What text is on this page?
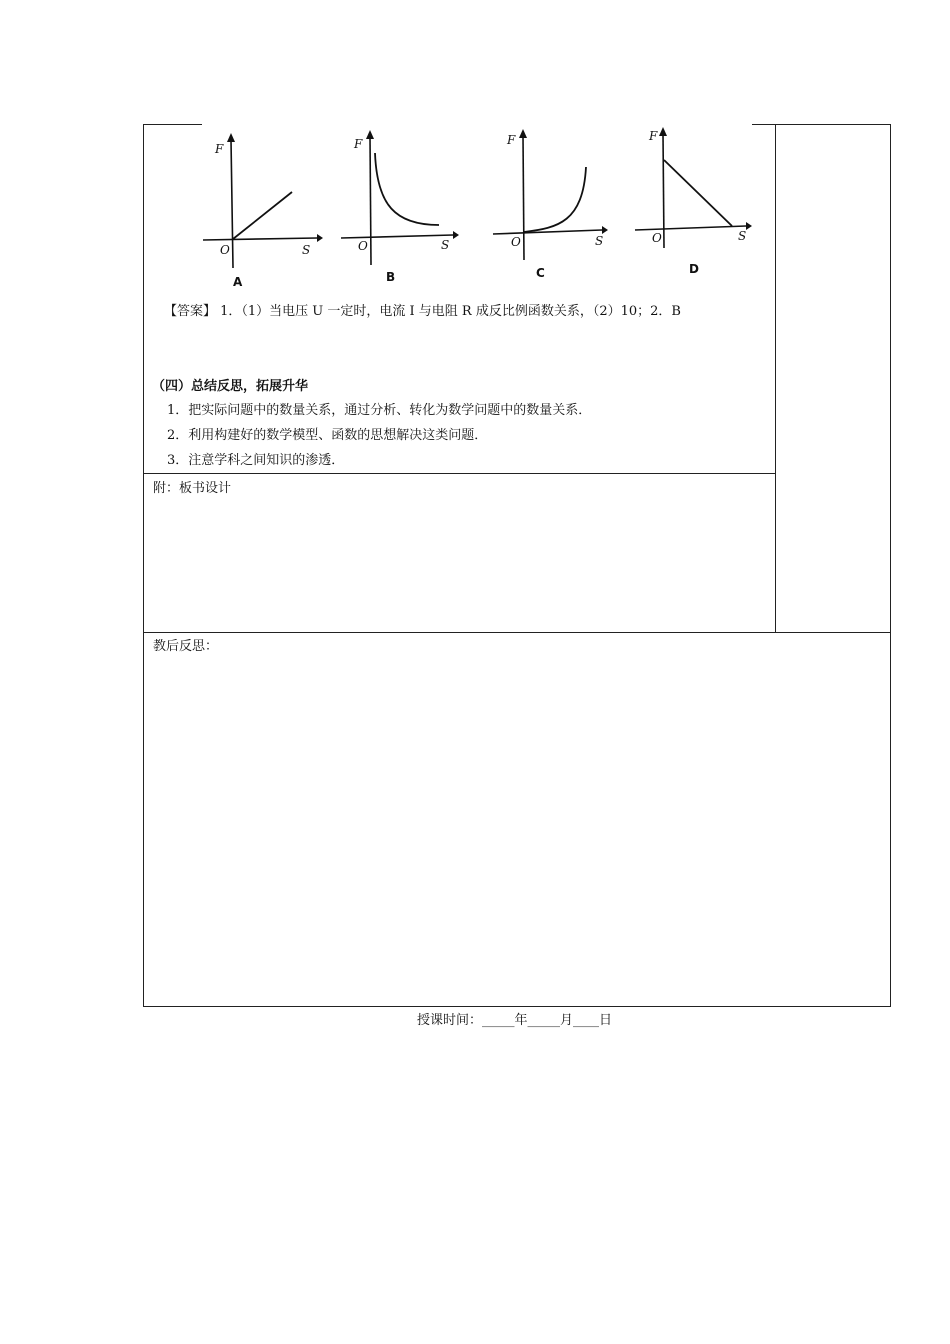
F
O	S
A
F
O	S
B
F
O	S
C
F
O	S
D
【答案】 1．（1）当电压 U 一定时，电流 I 与电阻 R 成反比例函数关系，（2）10；2．B
（四）总结反思，拓展升华
1．把实际问题中的数量关系，通过分析、转化为数学问题中的数量关系．
2．利用构建好的数学模型、函数的思想解决这类问题．
3．注意学科之间知识的渗透．
附：板书设计
教后反思：
授课时间：_____年_____月____日
